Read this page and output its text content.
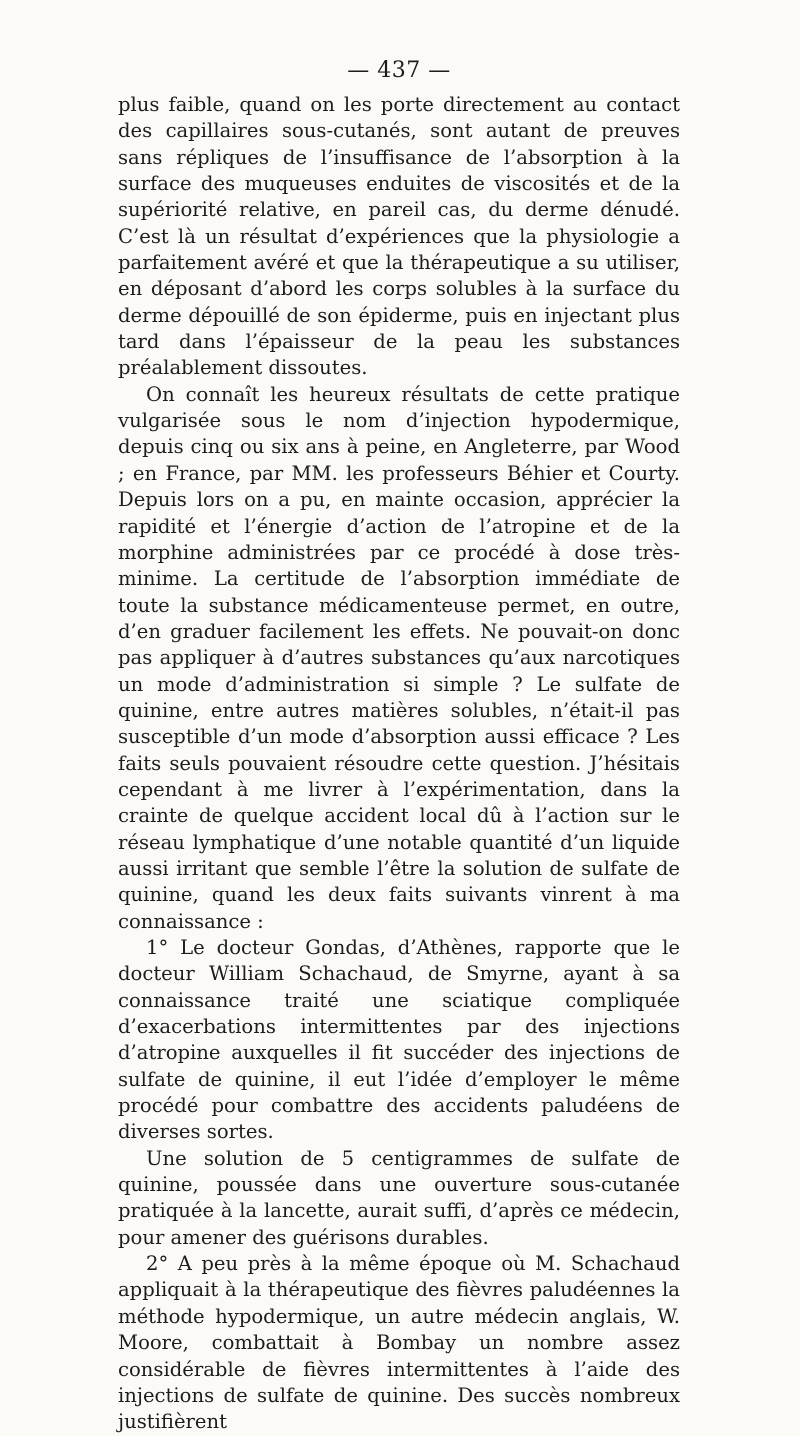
— 437 —

plus faible, quand on les porte directement au contact des capillaires sous-cutanés, sont autant de preuves sans répliques de l’insuffisance de l’absorption à la surface des muqueuses enduites de viscosités et de la supériorité relative, en pareil cas, du derme dénudé. C’est là un résultat d’expériences que la physiologie a parfaitement avéré et que la thérapeutique a su utiliser, en déposant d’abord les corps solubles à la surface du derme dépouillé de son épiderme, puis en injectant plus tard dans l’épaisseur de la peau les substances préalablement dissoutes.

On connaît les heureux résultats de cette pratique vulgarisée sous le nom d’injection hypodermique, depuis cinq ou six ans à peine, en Angleterre, par Wood ; en France, par MM. les professeurs Béhier et Courty. Depuis lors on a pu, en mainte occasion, apprécier la rapidité et l’énergie d’action de l’atropine et de la morphine administrées par ce procédé à dose très-minime. La certitude de l’absorption immédiate de toute la substance médicamenteuse permet, en outre, d’en graduer facilement les effets. Ne pouvait-on donc pas appliquer à d’autres substances qu’aux narcotiques un mode d’administration si simple ? Le sulfate de quinine, entre autres matières solubles, n’était-il pas susceptible d’un mode d’absorption aussi efficace ? Les faits seuls pouvaient résoudre cette question. J’hésitais cependant à me livrer à l’expérimentation, dans la crainte de quelque accident local dû à l’action sur le réseau lymphatique d’une notable quantité d’un liquide aussi irritant que semble l’être la solution de sulfate de quinine, quand les deux faits suivants vinrent à ma connaissance :

1° Le docteur Gondas, d’Athènes, rapporte que le docteur William Schachaud, de Smyrne, ayant à sa connaissance traité une sciatique compliquée d’exacerbations intermittentes par des injections d’atropine auxquelles il fit succéder des injections de sulfate de quinine, il eut l’idée d’employer le même procédé pour combattre des accidents paludéens de diverses sortes.

Une solution de 5 centigrammes de sulfate de quinine, poussée dans une ouverture sous-cutanée pratiquée à la lancette, aurait suffi, d’après ce médecin, pour amener des guérisons durables.

2° A peu près à la même époque où M. Schachaud appliquait à la thérapeutique des fièvres paludéennes la méthode hypodermique, un autre médecin anglais, W. Moore, combattait à Bombay un nombre assez considérable de fièvres intermittentes à l’aide des injections de sulfate de quinine. Des succès nombreux justifièrent
